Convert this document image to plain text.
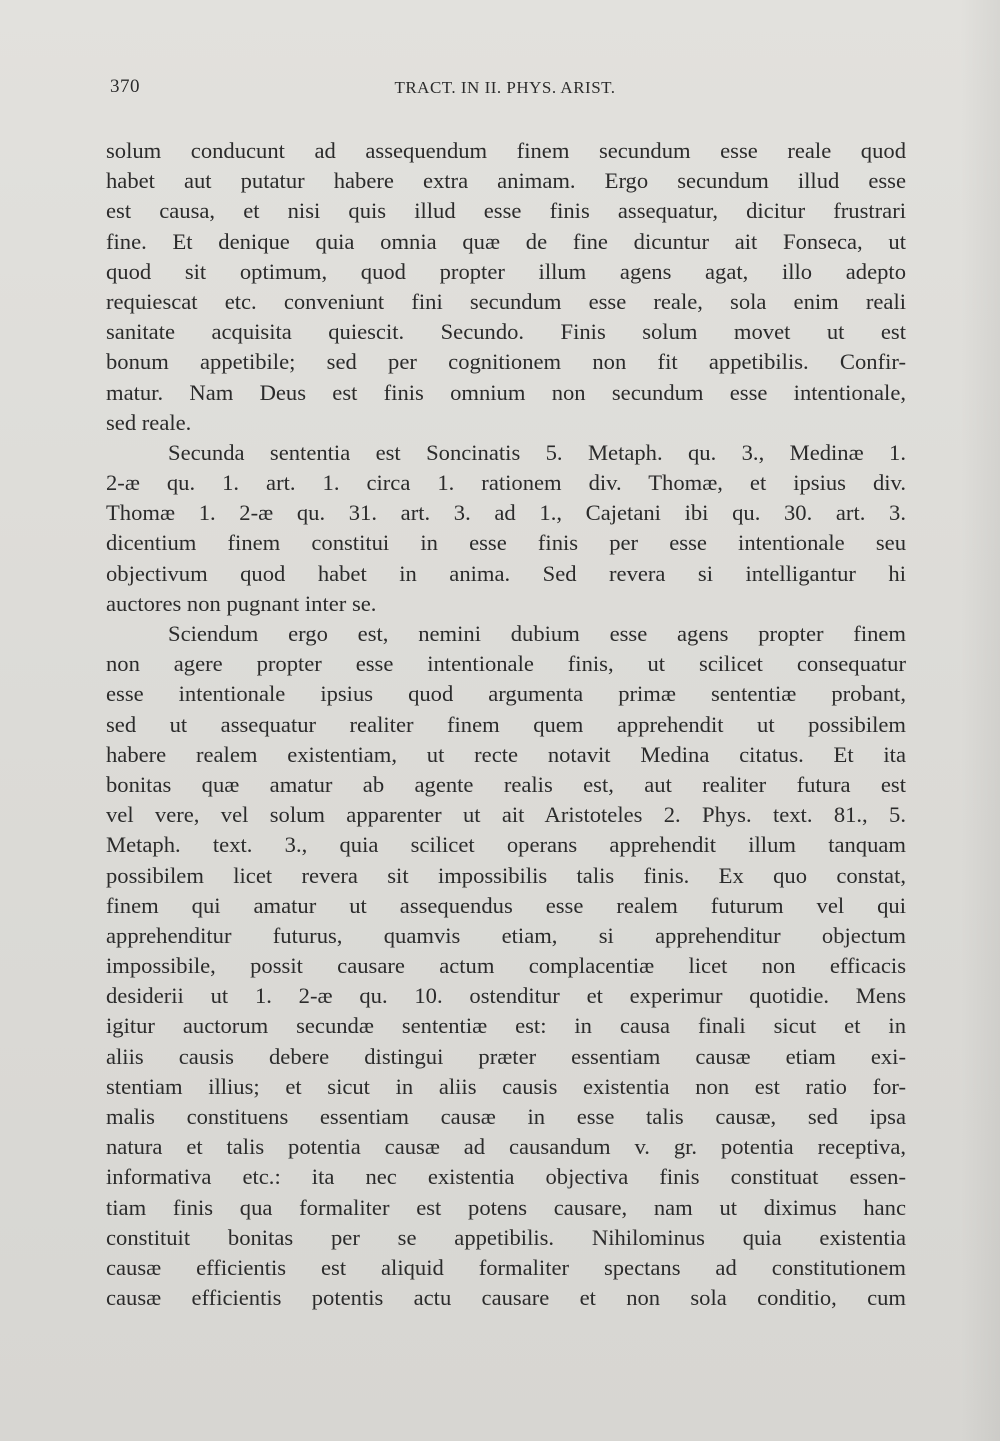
370	TRACT. IN II. PHYS. ARIST.
solum conducunt ad assequendum finem secundum esse reale quod
habet aut putatur habere extra animam. Ergo secundum illud esse
est causa, et nisi quis illud esse finis assequatur, dicitur frustrari
fine. Et denique quia omnia quæ de fine dicuntur ait Fonseca, ut
quod sit optimum, quod propter illum agens agat, illo adepto
requiescat etc. conveniunt fini secundum esse reale, sola enim reali
sanitate acquisita quiescit. Secundo. Finis solum movet ut est
bonum appetibile; sed per cognitionem non fit appetibilis. Confir-
matur. Nam Deus est finis omnium non secundum esse intentionale,
sed reale.
Secunda sententia est Soncinatis 5. Metaph. qu. 3., Medinæ 1.
2-æ qu. 1. art. 1. circa 1. rationem div. Thomæ, et ipsius div.
Thomæ 1. 2-æ qu. 31. art. 3. ad 1., Cajetani ibi qu. 30. art. 3.
dicentium finem constitui in esse finis per esse intentionale seu
objectivum quod habet in anima. Sed revera si intelligantur hi
auctores non pugnant inter se.
Sciendum ergo est, nemini dubium esse agens propter finem
non agere propter esse intentionale finis, ut scilicet consequatur
esse intentionale ipsius quod argumenta primæ sententiæ probant,
sed ut assequatur realiter finem quem apprehendit ut possibilem
habere realem existentiam, ut recte notavit Medina citatus. Et ita
bonitas quæ amatur ab agente realis est, aut realiter futura est
vel vere, vel solum apparenter ut ait Aristoteles 2. Phys. text. 81., 5.
Metaph. text. 3., quia scilicet operans apprehendit illum tanquam
possibilem licet revera sit impossibilis talis finis. Ex quo constat,
finem qui amatur ut assequendus esse realem futurum vel qui
apprehenditur futurus, quamvis etiam, si apprehenditur objectum
impossibile, possit causare actum complacentiæ licet non efficacis
desiderii ut 1. 2-æ qu. 10. ostenditur et experimur quotidie. Mens
igitur auctorum secundæ sententiæ est: in causa finali sicut et in
aliis causis debere distingui præter essentiam causæ etiam exi-
stentiam illius; et sicut in aliis causis existentia non est ratio for-
malis constituens essentiam causæ in esse talis causæ, sed ipsa
natura et talis potentia causæ ad causandum v. gr. potentia receptiva,
informativa etc.: ita nec existentia objectiva finis constituat essen-
tiam finis qua formaliter est potens causare, nam ut diximus hanc
constituit bonitas per se appetibilis. Nihilominus quia existentia
causæ efficientis est aliquid formaliter spectans ad constitutionem
causæ efficientis potentis actu causare et non sola conditio, cum
